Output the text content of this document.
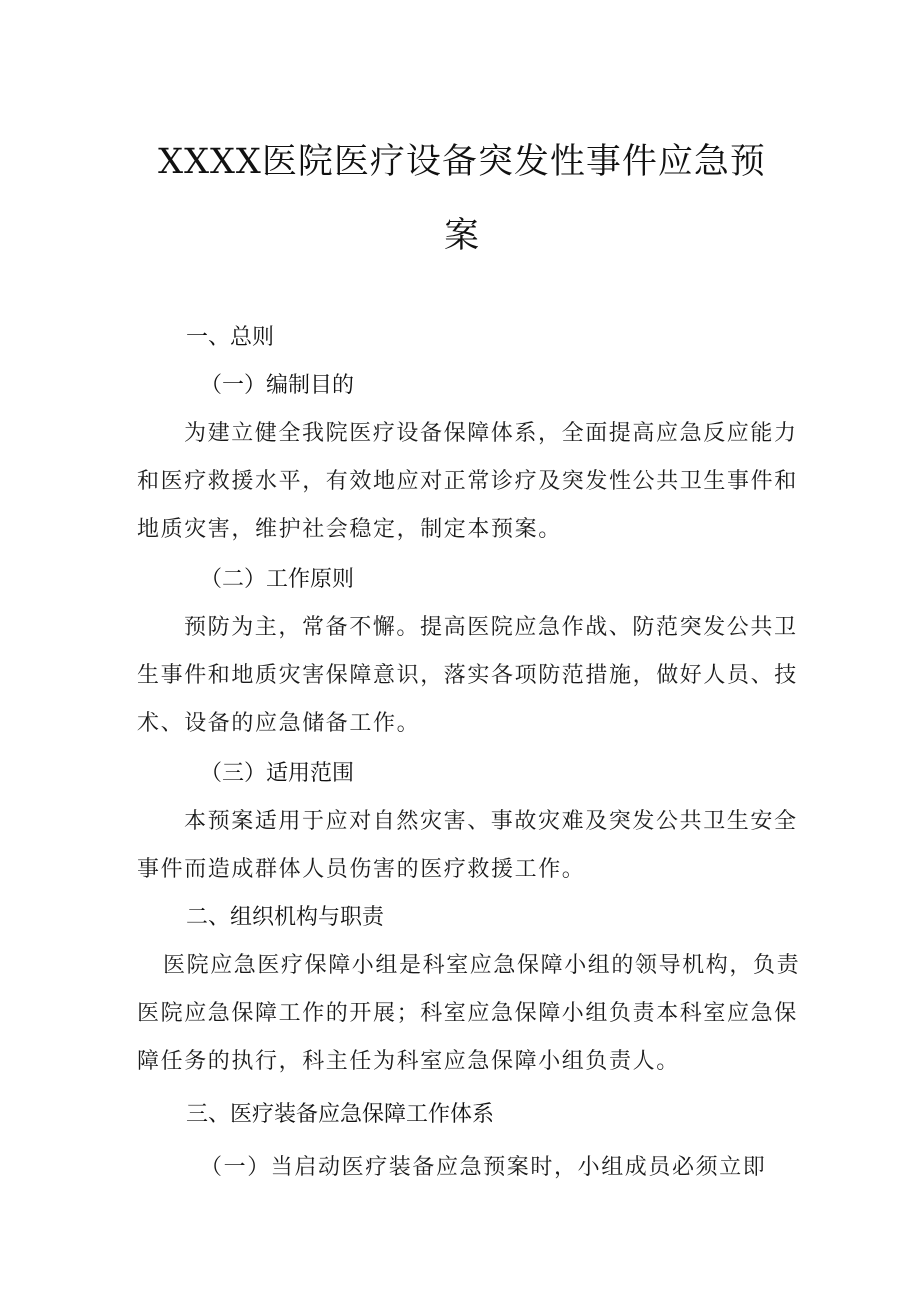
XXXX医院医疗设备突发性事件应急预
案
一、总则
（一）编制目的
为建立健全我院医疗设备保障体系，全面提高应急反应能力
和医疗救援水平，有效地应对正常诊疗及突发性公共卫生事件和
地质灾害，维护社会稳定，制定本预案。
（二）工作原则
预防为主，常备不懈。提高医院应急作战、防范突发公共卫
生事件和地质灾害保障意识，落实各项防范措施，做好人员、技
术、设备的应急储备工作。
（三）适用范围
本预案适用于应对自然灾害、事故灾难及突发公共卫生安全
事件而造成群体人员伤害的医疗救援工作。
二、组织机构与职责
医院应急医疗保障小组是科室应急保障小组的领导机构，负责
医院应急保障工作的开展；科室应急保障小组负责本科室应急保
障任务的执行，科主任为科室应急保障小组负责人。
三、医疗装备应急保障工作体系
（一）当启动医疗装备应急预案时，小组成员必须立即
